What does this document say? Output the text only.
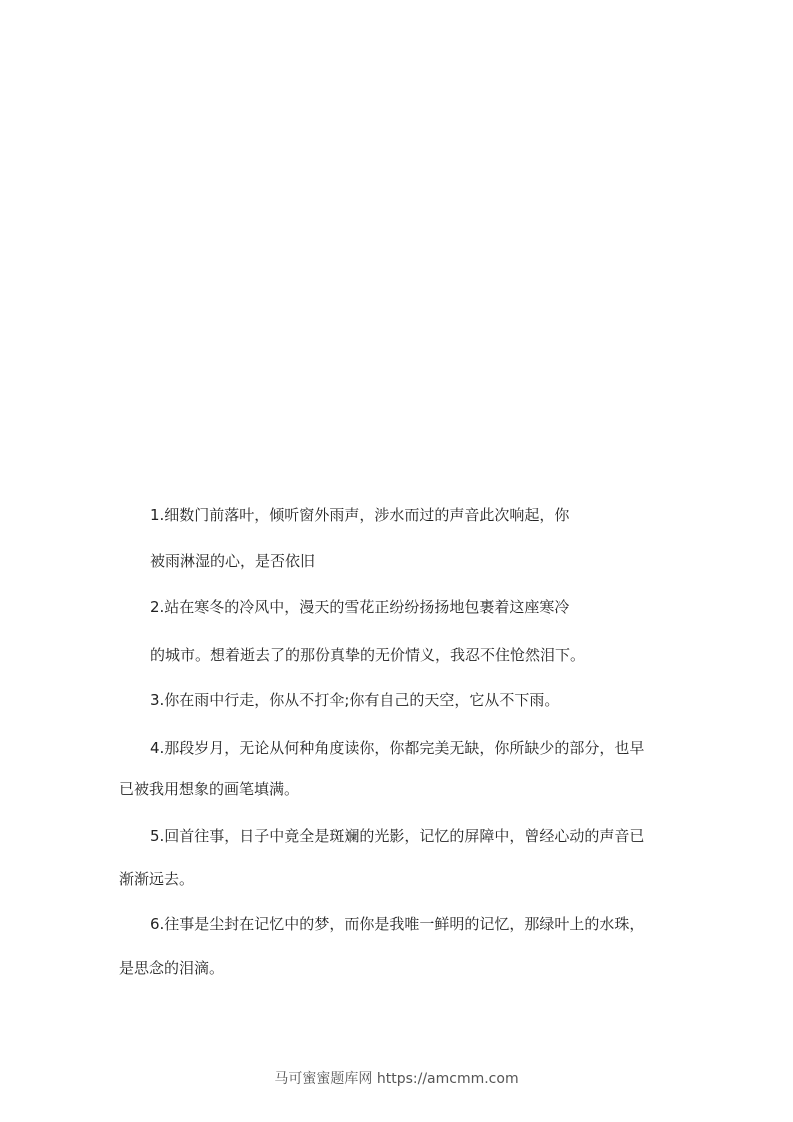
1.细数门前落叶，倾听窗外雨声，涉水而过的声音此次响起，你
被雨淋湿的心，是否依旧
2.站在寒冬的冷风中，漫天的雪花正纷纷扬扬地包裹着这座寒冷
的城市。想着逝去了的那份真挚的无价情义，我忍不住怆然泪下。
3.你在雨中行走，你从不打伞;你有自己的天空，它从不下雨。
4.那段岁月，无论从何种角度读你，你都完美无缺，你所缺少的部分，也早
已被我用想象的画笔填满。
5.回首往事，日子中竟全是斑斓的光影，记忆的屏障中，曾经心动的声音已
渐渐远去。
6.往事是尘封在记忆中的梦，而你是我唯一鲜明的记忆，那绿叶上的水珠，
是思念的泪滴。
马可蜜蜜题库网 https://amcmm.com
